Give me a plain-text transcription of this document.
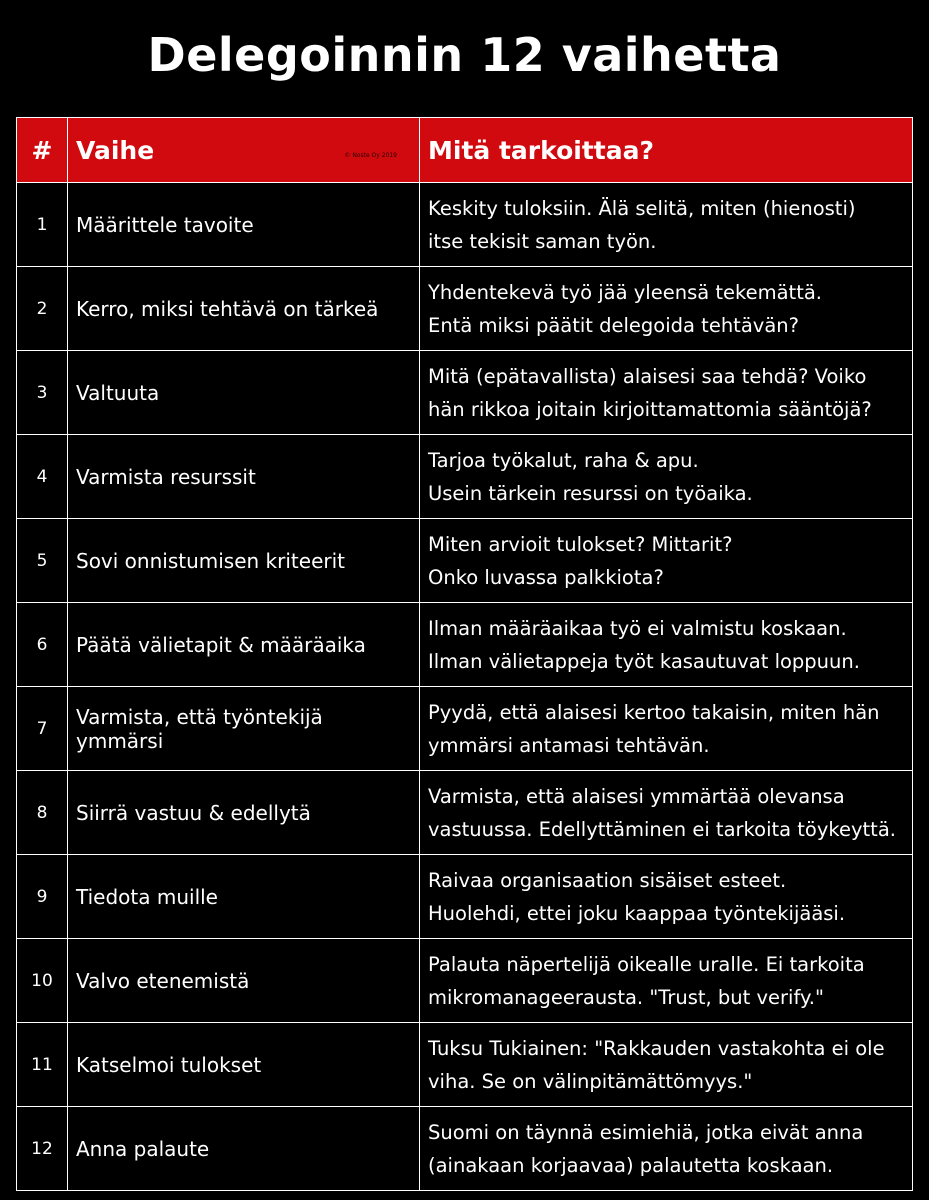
Delegoinnin 12 vaihetta
#	Vaihe © Noste Oy 2019	Mitä tarkoittaa?
1	Määrittele tavoite	Keskity tuloksiin. Älä selitä, miten (hienosti)
itse tekisit saman työn.

2	Kerro, miksi tehtävä on tärkeä	Yhdentekevä työ jää yleensä tekemättä.
Entä miksi päätit delegoida tehtävän?

3	Valtuuta	Mitä (epätavallista) alaisesi saa tehdä? Voiko
hän rikkoa joitain kirjoittamattomia sääntöjä?

4	Varmista resurssit	Tarjoa työkalut, raha & apu.
Usein tärkein resurssi on työaika.

5	Sovi onnistumisen kriteerit	Miten arvioit tulokset? Mittarit?
Onko luvassa palkkiota?

6	Päätä välietapit & määräaika	Ilman määräaikaa työ ei valmistu koskaan.
Ilman välietappeja työt kasautuvat loppuun.

7	Varmista, että työntekijä ymmärsi	Pyydä, että alaisesi kertoo takaisin, miten hän
ymmärsi antamasi tehtävän.

8	Siirrä vastuu & edellytä	Varmista, että alaisesi ymmärtää olevansa
vastuussa. Edellyttäminen ei tarkoita töykeyttä.

9	Tiedota muille	Raivaa organisaation sisäiset esteet.
Huolehdi, ettei joku kaappaa työntekijääsi.

10	Valvo etenemistä	Palauta näpertelijä oikealle uralle. Ei tarkoita
mikromanageerausta. "Trust, but verify."

11	Katselmoi tulokset	Tuksu Tukiainen: "Rakkauden vastakohta ei ole
viha. Se on välinpitämättömyys."

12	Anna palaute	Suomi on täynnä esimiehiä, jotka eivät anna
(ainakaan korjaavaa) palautetta koskaan.
